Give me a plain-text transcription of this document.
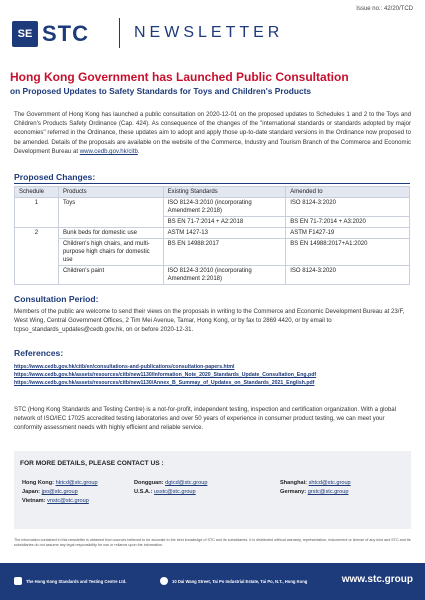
SE STC	NEWSLETTER
Issue no.: 42/20/TCD
Hong Kong Government has Launched Public Consultation
on Proposed Updates to Safety Standards for Toys and Children's Products
The Government of Hong Kong has launched a public consultation on 2020-12-01 on the proposed updates to Schedules 1 and 2 to the Toys and Children's Products Safety Ordinance (Cap. 424). As consequence of the changes of the "international standards or standards adopted by major economies" referred in the Ordinance, these updates aim to adopt and apply those up-to-date standard versions in the Ordinance now proposed to be amended. Details of the proposals are available on the website of the Commerce, Industry and Tourism Branch of the Commerce and Economic Development Bureau at www.cedb.gov.hk/citb.
Proposed Changes:
Schedule	Products	Existing Standards	Amended to
1	Toys	ISO 8124-3:2010 (incorporating Amendment 2:2018)	ISO 8124-3:2020
		BS EN 71-7:2014 + A2:2018	BS EN 71-7:2014 + A3:2020
2	Bunk beds for domestic use	ASTM 1427-13	ASTM F1427-19
	Children's high chairs, and multi-purpose high chairs for domestic use	BS EN 14988:2017	BS EN 14988:2017+A1:2020
	Children's paint	ISO 8124-3:2010 (incorporating Amendment 2:2018)	ISO 8124-3:2020
Consultation Period:
Members of the public are welcome to send their views on the proposals in writing to the Commerce and Economic Development Bureau at 23/F, West Wing, Central Government Offices, 2 Tim Mei Avenue, Tamar, Hong Kong, or by fax to 2869 4420, or by email to tcpso_standards_updates@cedb.gov.hk, on or before 2020-12-31.
References:
https://www.cedb.gov.hk/citb/en/consultations-and-publications/consultation-papers.html
https://www.cedb.gov.hk/assets/resources/citb/new1130/Information_Note_2020_Standards_Update_Consultation_Eng.pdf
https://www.cedb.gov.hk/assets/resources/citb/new1130/Annex_B_Summay_of_Updates_on_Standards_2021_English.pdf
STC (Hong Kong Standards and Testing Centre) is a not-for-profit, independent testing, inspection and certification organization. With a global network of ISO/IEC 17025 accredited testing laboratories and over 50 years of experience in consumer product testing, we can meet your conformity assessment needs with highly efficient and reliable service.
FOR MORE DETAILS, PLEASE CONTACT US :
Hong Kong: hktcd@stc.group
Japan: jpo@stc.group
Vietnam: vnstc@stc.group
Dongguan: dgtcd@stc.group
U.S.A.: usstc@stc.group
Shanghai: shtcd@stc.group
Germany: grstc@stc.group
The information contained in this newsletter is obtained from sources believed to be accurate to the best knowledge of STC and its subsidiaries. It is distributed without warranty, representation, inducement or license of any kind and STC and its subsidiaries do not assume any legal responsibility for use or reliance upon the information.
The Hong Kong Standards and Testing Centre Ltd.	10 Dai Wang Street, Tai Po Industrial Estate, Tai Po, N.T., Hong Kong	www.stc.group
